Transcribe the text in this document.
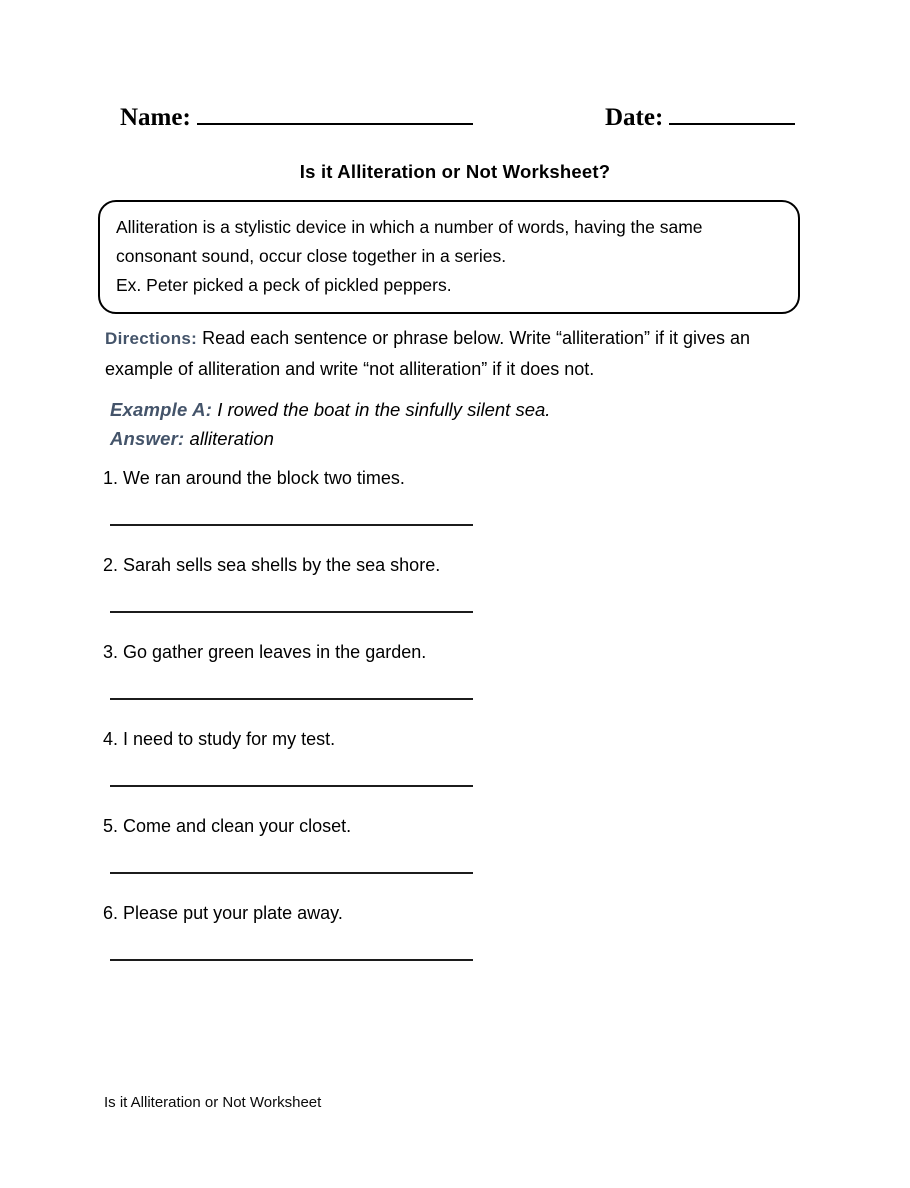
Name:	Date:
Is it Alliteration or Not Worksheet?
Alliteration is a stylistic device in which a number of words, having the same consonant sound, occur close together in a series.
Ex. Peter picked a peck of pickled peppers.
Directions: Read each sentence or phrase below. Write “alliteration” if it gives an example of alliteration and write “not alliteration” if it does not.
Example A: I rowed the boat in the sinfully silent sea.
Answer: alliteration
1. We ran around the block two times.
2. Sarah sells sea shells by the sea shore.
3. Go gather green leaves in the garden.
4. I need to study for my test.
5. Come and clean your closet.
6. Please put your plate away.
Is it Alliteration or Not Worksheet
